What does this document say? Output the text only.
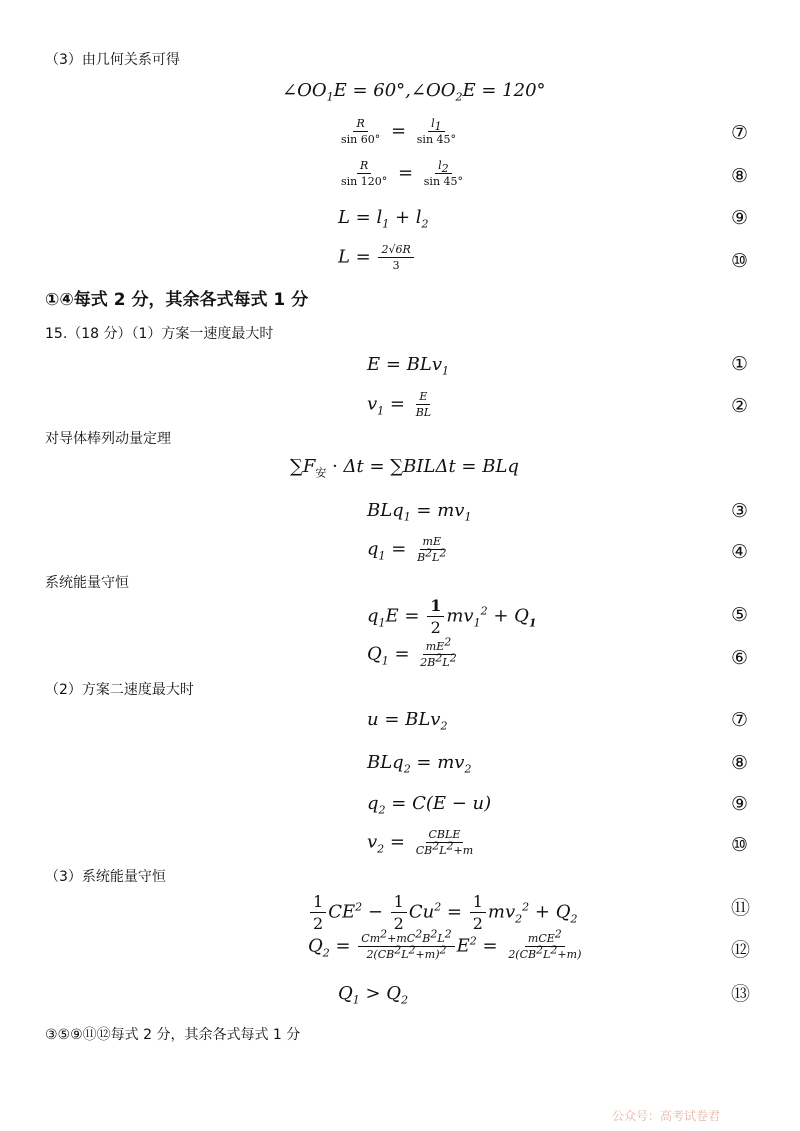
（3）由几何关系可得
$\angle OO_1E$ = $60^\circ,\angle OO_2E = 120^\circ$
$\frac{R}{\sin 60^\circ} = \frac{l_1}{\sin 45^\circ}$	⑦
$\frac{R}{\sin 120^\circ} = \frac{l_2}{\sin 45^\circ}$	⑧
$L = l_1 + l_2$	⑨
$L = \frac{2√6R}{3}$	⑩
①④每式 2 分，其余各式每式 1 分
15.（18 分）（1）方案一速度最大时
E = BLv$_1$	①
$v_1 = \frac{E}{BL}$	②
对导体棒列动量定理
$\sum F_安 \cdot \Delta t = \sum BIL\Delta t$ = BLq
$BLq_1 = mv_1$	③
$q_1 = \frac{mE}{B^2L^2}$	④
系统能量守恒
$q_1E = \frac{1}{2} mv_1^2 + Q_1$	⑤
$Q_1 = \frac{mE^2}{2B^2L^2}$	⑥
（2）方案二速度最大时
u = BLv$_2$	⑦
$BLq_2 = mv_2$	⑧
$q_2 = C(E - u)$	⑨
$v_2 = \frac{\text{CBLE}}{CB^2L^2+m}$	⑩
（3）系统能量守恒
$\frac{1}{2} CE^2 - \frac{1}{2} Cu^2 = \frac{1}{2} mv_2^2 + Q_2$	⑪
$Q_2 = \frac{Cm^2+mC^2B^2L^2}{2(CB^2L^2+m)^2} E^2 = \frac{mCE^2}{2(CB^2L^2+m)}$	⑫
$Q_1 > Q_2$	⑬
③⑤⑨⑪⑫每式 2 分，其余各式每式 1 分
公众号：高考试卷君
